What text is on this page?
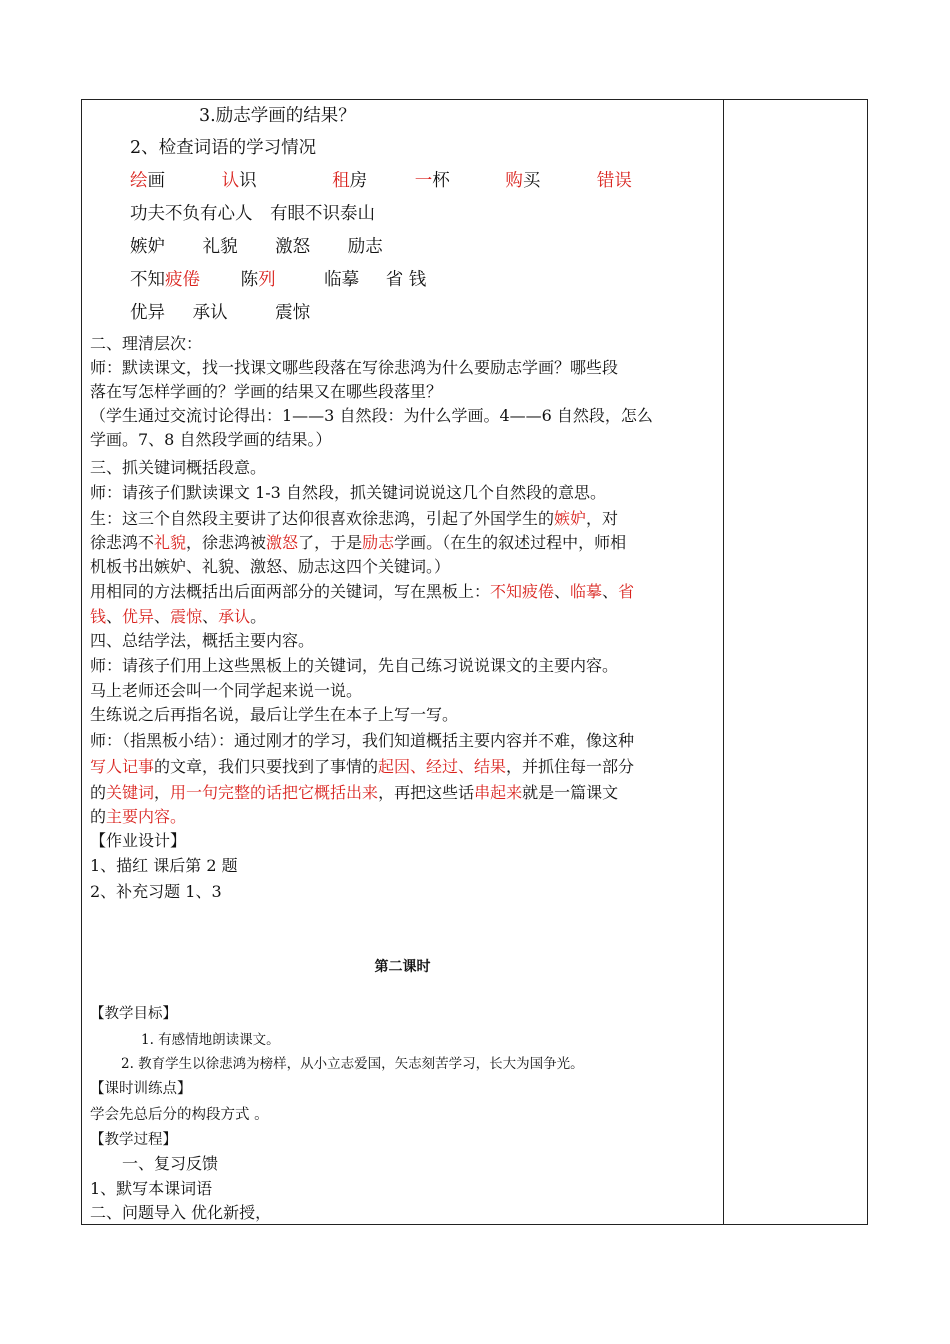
3.励志学画的结果？
2、检查词语的学习情况
绘画	认识	租房	一杯	购买	错误
功夫不负有心人　有眼不识泰山
嫉妒 礼貌 激怒 励志
不知疲倦 陈列	临摹 省 钱
优异 承认	震惊
二、理清层次：
师：默读课文，找一找课文哪些段落在写徐悲鸿为什么要励志学画？哪些段
落在写怎样学画的？学画的结果又在哪些段落里？
（学生通过交流讨论得出：1——3 自然段：为什么学画。4——6 自然段，怎么
学画。7、8 自然段学画的结果。）
三、抓关键词概括段意。
师：请孩子们默读课文 1-3 自然段，抓关键词说说这几个自然段的意思。
生：这三个自然段主要讲了达仰很喜欢徐悲鸿，引起了外国学生的嫉妒，对
徐悲鸿不礼貌，徐悲鸿被激怒了，于是励志学画。（在生的叙述过程中，师相
机板书出嫉妒、礼貌、激怒、励志这四个关键词。）
用相同的方法概括出后面两部分的关键词，写在黑板上：不知疲倦、临摹、省
钱、优异、震惊、承认。
四、总结学法，概括主要内容。
师：请孩子们用上这些黑板上的关键词，先自己练习说说课文的主要内容。
马上老师还会叫一个同学起来说一说。
生练说之后再指名说，最后让学生在本子上写一写。
师：（指黑板小结）：通过刚才的学习，我们知道概括主要内容并不难，像这种
写人记事的文章，我们只要找到了事情的起因、经过、结果，并抓住每一部分
的关键词，用一句完整的话把它概括出来，再把这些话串起来就是一篇课文
的主要内容。
【作业设计】
1、描红 课后第 2 题
2、补充习题 1、3
第二课时
【教学目标】
1. 有感情地朗读课文。
2. 教育学生以徐悲鸿为榜样，从小立志爱国，矢志刻苦学习，长大为国争光。
【课时训练点】
学会先总后分的构段方式 。
【教学过程】
一、复习反馈
1、默写本课词语
二、问题导入 优化新授，
